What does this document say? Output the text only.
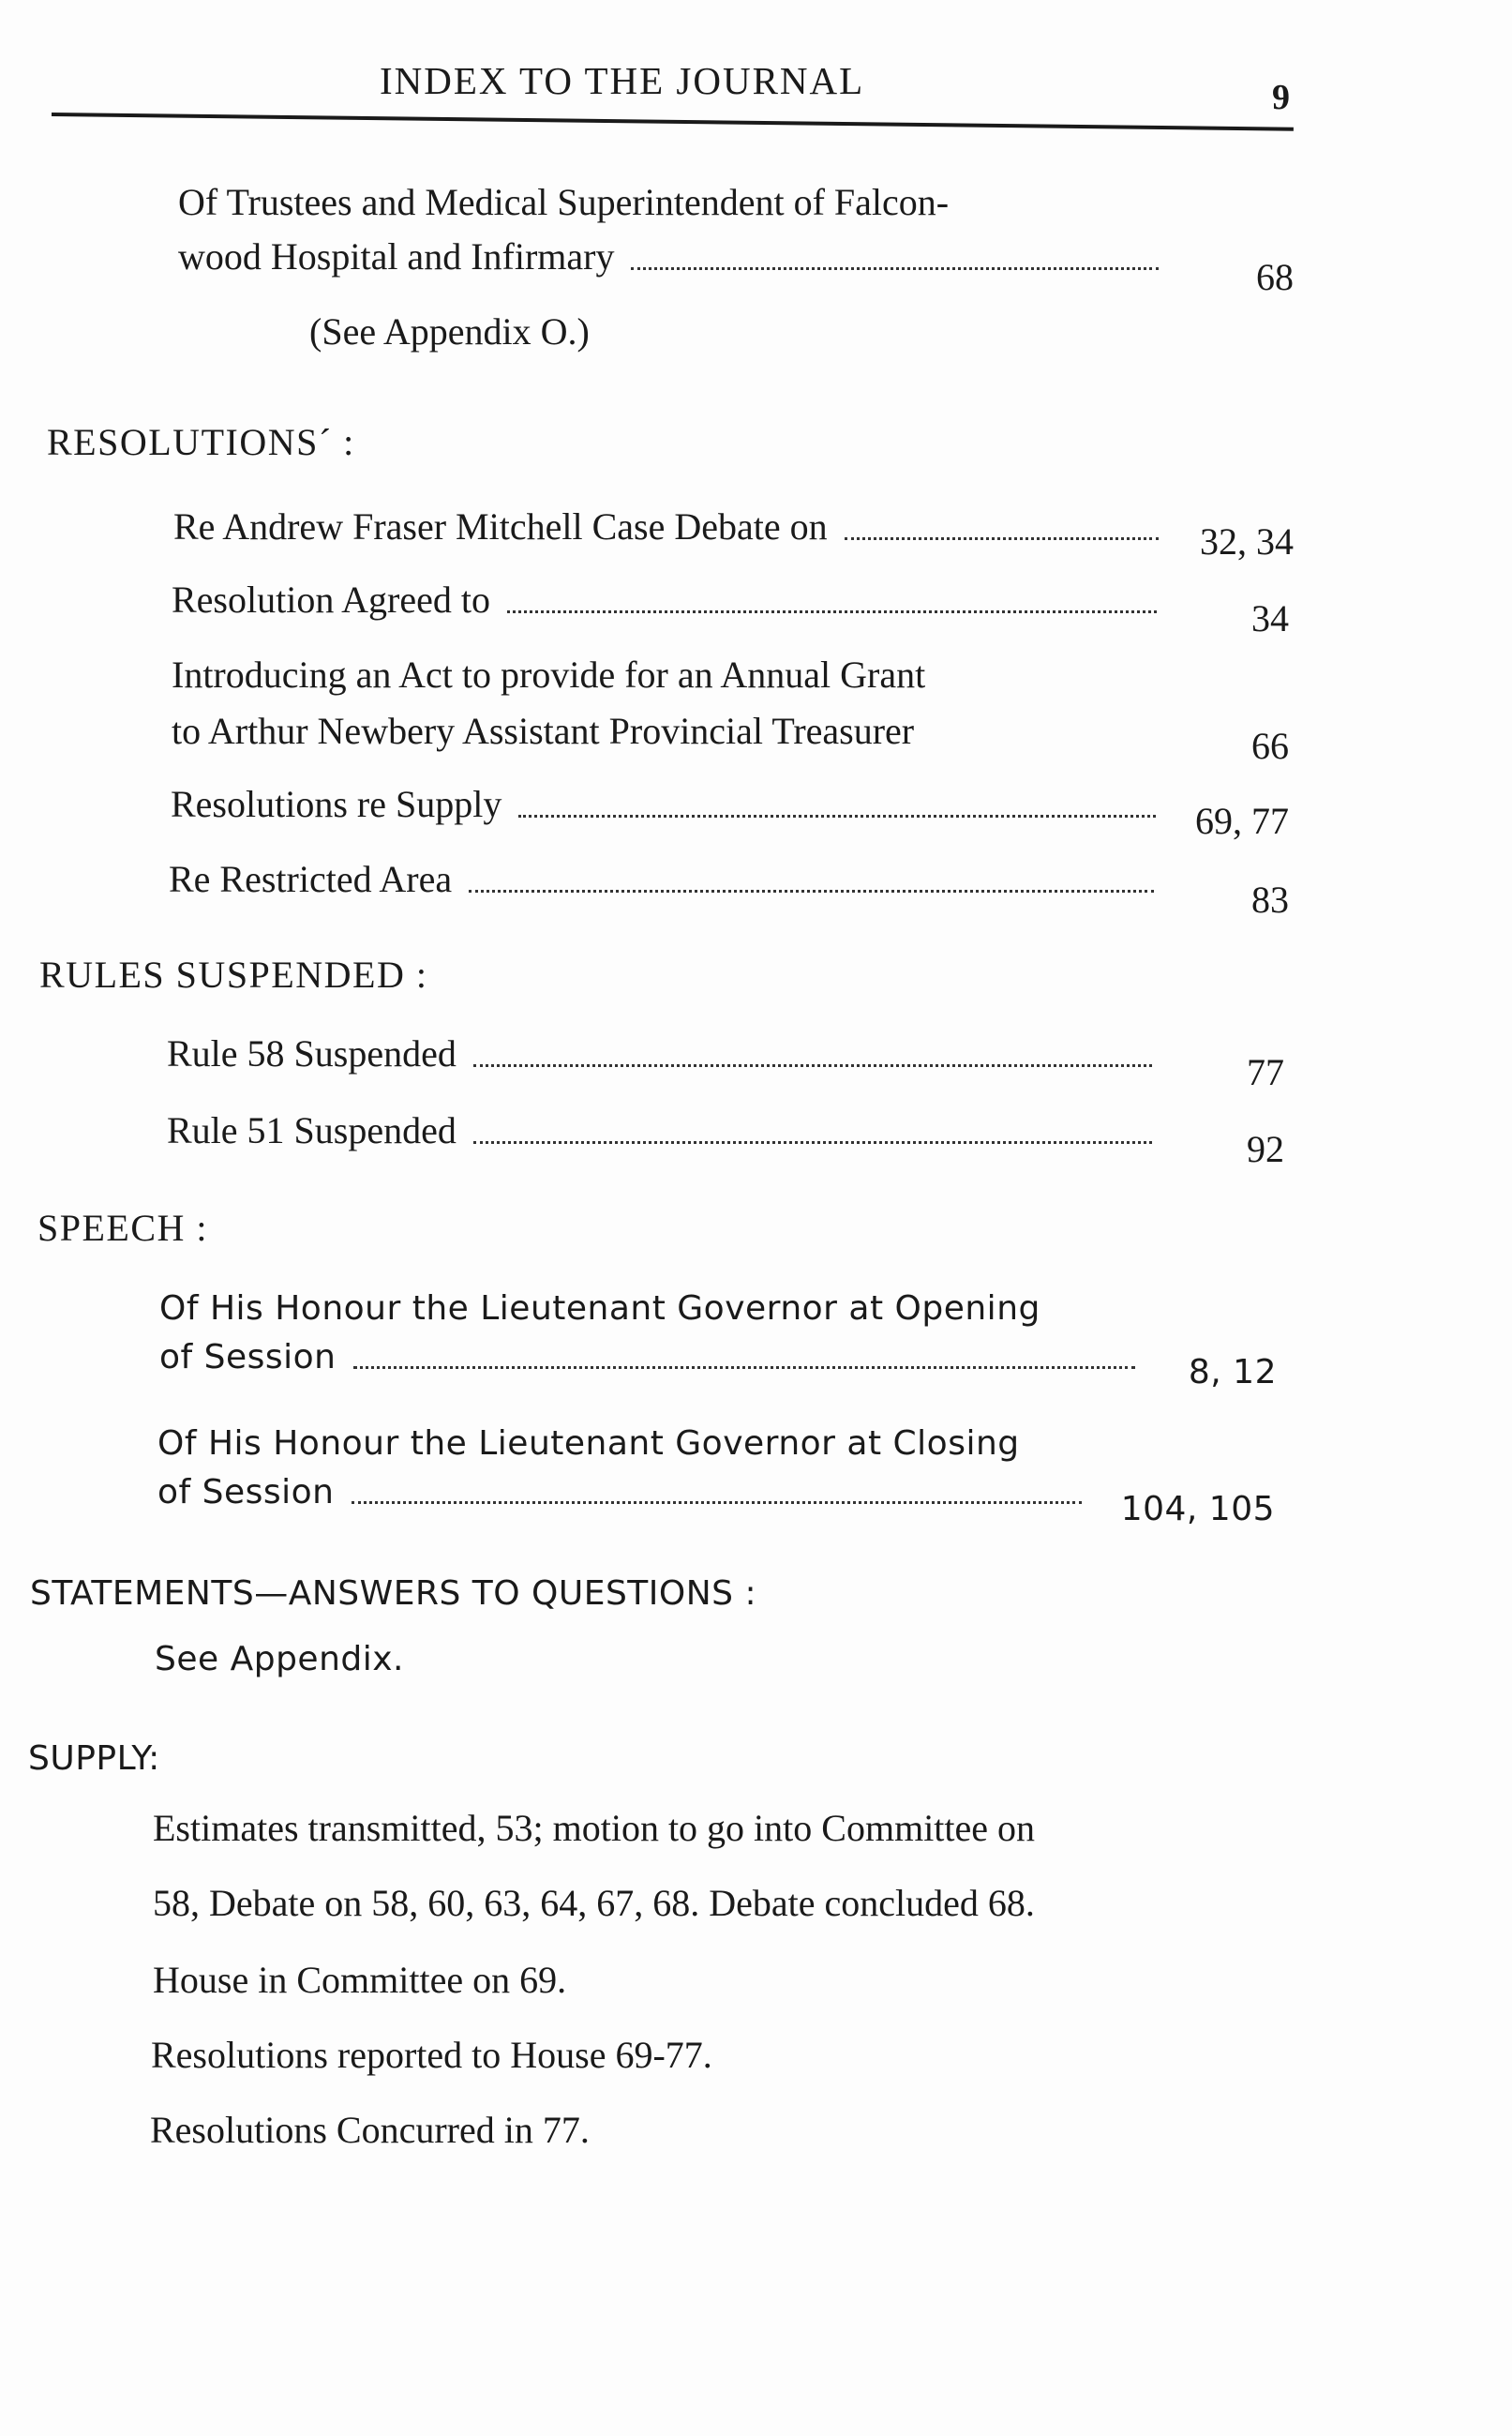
INDEX TO THE JOURNAL	9
Of Trustees and Medical Superintendent of Falcon-
wood Hospital and Infirmary	68
(See Appendix O.)
RESOLUTIONS´ :
Re Andrew Fraser Mitchell Case Debate on	32, 34
Resolution Agreed to	34
Introducing an Act to provide for an Annual Grant
to Arthur Newbery Assistant Provincial Treasurer	66
Resolutions re Supply	69, 77
Re Restricted Area	83
RULES SUSPENDED :
Rule 58 Suspended	77
Rule 51 Suspended	92
SPEECH :
Of His Honour the Lieutenant Governor at Opening
of Session	8, 12
Of His Honour the Lieutenant Governor at Closing
of Session	104, 105
STATEMENTS—ANSWERS TO QUESTIONS :
See Appendix.
SUPPLY:
Estimates transmitted, 53; motion to go into Committee on
58, Debate on 58, 60, 63, 64, 67, 68. Debate concluded 68.
House in Committee on 69.
Resolutions reported to House 69-77.
Resolutions Concurred in 77.
